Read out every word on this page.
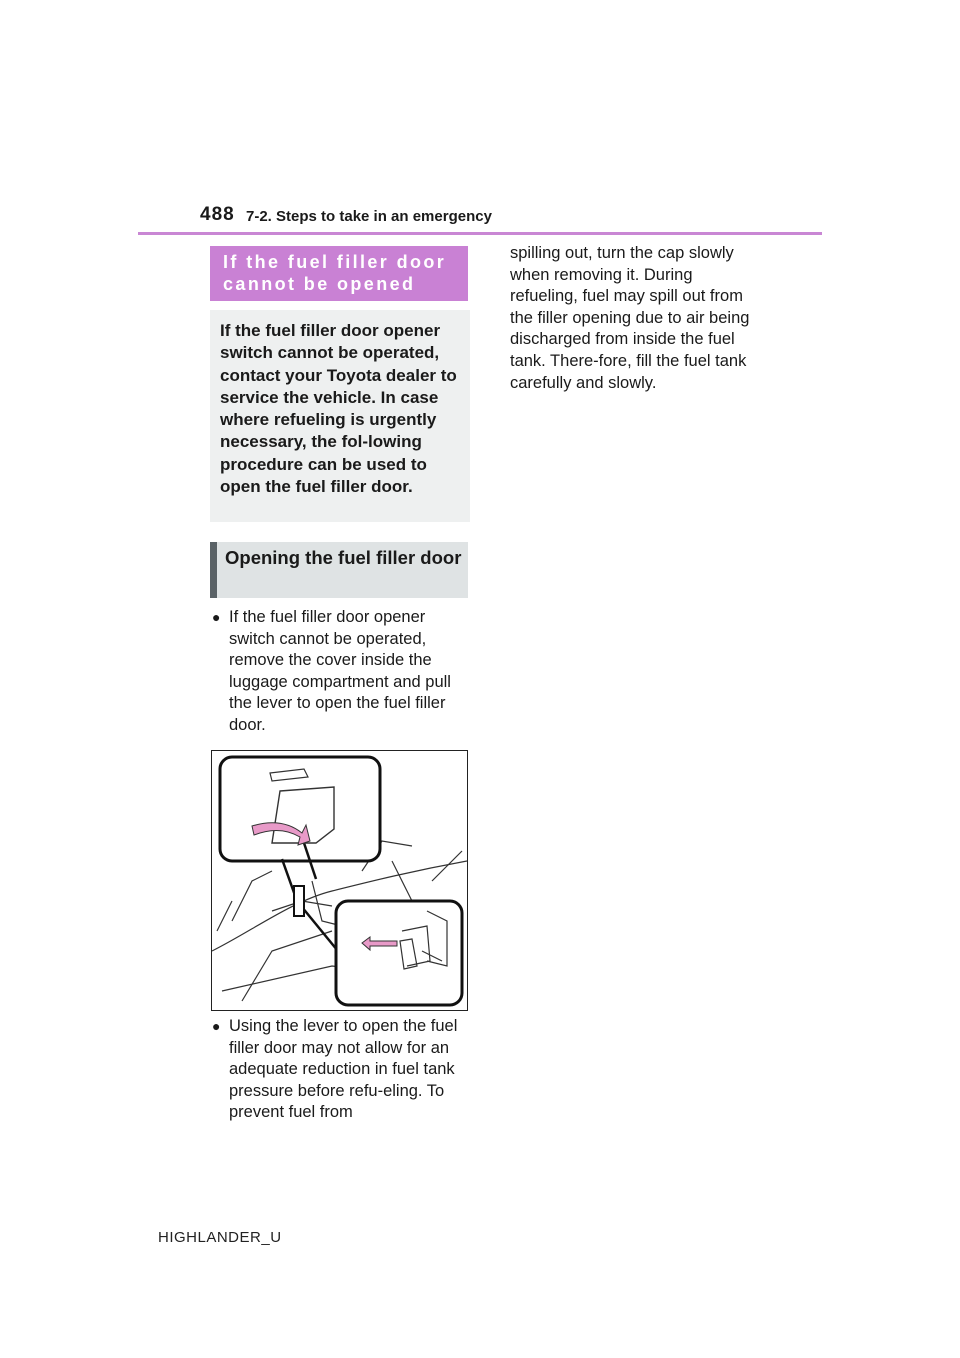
488 7-2. Steps to take in an emergency
If the fuel filler door cannot be opened
If the fuel filler door opener switch cannot be operated, contact your Toyota dealer to service the vehicle. In case where refueling is urgently necessary, the fol-lowing procedure can be used to open the fuel filler door.
Opening the fuel filler door
● If the fuel filler door opener switch cannot be operated, remove the cover inside the luggage compartment and pull the lever to open the fuel filler door.
● Using the lever to open the fuel filler door may not allow for an adequate reduction in fuel tank pressure before refu-eling. To prevent fuel from
spilling out, turn the cap slowly when removing it. During refueling, fuel may spill out from the filler opening due to air being discharged from inside the fuel tank. There-fore, fill the fuel tank carefully and slowly.
HIGHLANDER_U
